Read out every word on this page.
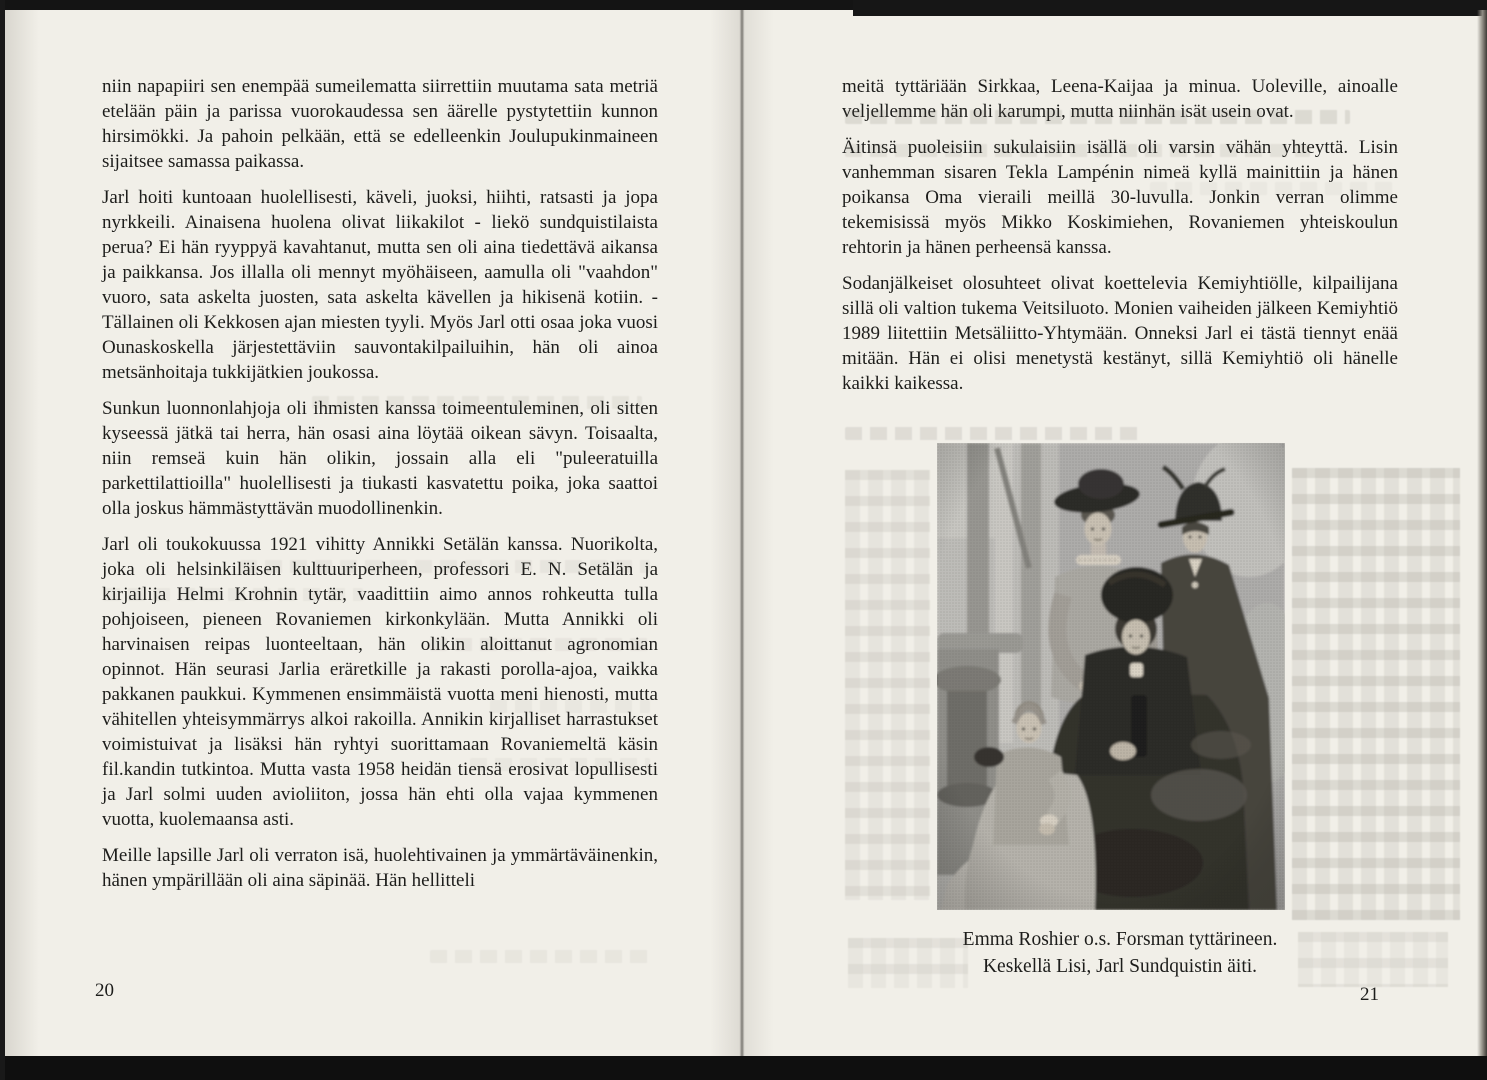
niin napapiiri sen enempää sumeilematta siirrettiin muutama sata metriä etelään päin ja parissa vuorokaudessa sen äärelle pystytettiin kunnon hirsimökki. Ja pahoin pelkään, että se edelleenkin Joulupukinmaineen sijaitsee samassa paikassa.

Jarl hoiti kuntoaan huolellisesti, käveli, juoksi, hiihti, ratsasti ja jopa nyrkkeili. Ainaisena huolena olivat liikakilot - liekö sundquistilaista perua? Ei hän ryyppyä kavahtanut, mutta sen oli aina tiedettävä aikansa ja paikkansa. Jos illalla oli mennyt myöhäiseen, aamulla oli "vaahdon" vuoro, sata askelta juosten, sata askelta kävellen ja hikisenä kotiin. - Tällainen oli Kekkosen ajan miesten tyyli. Myös Jarl otti osaa joka vuosi Ounaskoskella järjestettäviin sauvontakilpailuihin, hän oli ainoa metsänhoitaja tukkijätkien joukossa.

Sunkun luonnonlahjoja oli ihmisten kanssa toimeentuleminen, oli sitten kyseessä jätkä tai herra, hän osasi aina löytää oikean sävyn. Toisaalta, niin remseä kuin hän olikin, jossain alla eli "puleeratuilla parkettilattioilla" huolellisesti ja tiukasti kasvatettu poika, joka saattoi olla joskus hämmästyttävän muodollinenkin.

Jarl oli toukokuussa 1921 vihitty Annikki Setälän kanssa. Nuorikolta, joka oli helsinkiläisen kulttuuriperheen, professori E. N. Setälän ja kirjailija Helmi Krohnin tytär, vaadittiin aimo annos rohkeutta tulla pohjoiseen, pieneen Rovaniemen kirkonkylään. Mutta Annikki oli harvinaisen reipas luonteeltaan, hän olikin aloittanut agronomian opinnot. Hän seurasi Jarlia eräretkille ja rakasti porolla-ajoa, vaikka pakkanen paukkui. Kymmenen ensimmäistä vuotta meni hienosti, mutta vähitellen yhteisymmärrys alkoi rakoilla. Annikin kirjalliset harrastukset voimistuivat ja lisäksi hän ryhtyi suorittamaan Rovaniemeltä käsin fil.kandin tutkintoa. Mutta vasta 1958 heidän tiensä erosivat lopullisesti ja Jarl solmi uuden avioliiton, jossa hän ehti olla vajaa kymmenen vuotta, kuolemaansa asti.

Meille lapsille Jarl oli verraton isä, huolehtivainen ja ymmärtäväinenkin, hänen ympärillään oli aina säpinää. Hän hellitteli

20

meitä tyttäriään Sirkkaa, Leena-Kaijaa ja minua. Uoleville, ainoalle veljellemme hän oli karumpi, mutta niinhän isät usein ovat.

Äitinsä puoleisiin sukulaisiin isällä oli varsin vähän yhteyttä. Lisin vanhemman sisaren Tekla Lampénin nimeä kyllä mainittiin ja hänen poikansa Oma vieraili meillä 30-luvulla. Jonkin verran olimme tekemisissä myös Mikko Koskimiehen, Rovaniemen yhteiskoulun rehtorin ja hänen perheensä kanssa.

Sodanjälkeiset olosuhteet olivat koettelevia Kemiyhtiölle, kilpailijana sillä oli valtion tukema Veitsiluoto. Monien vaiheiden jälkeen Kemiyhtiö 1989 liitettiin Metsäliitto-Yhtymään. Onneksi Jarl ei tästä tiennyt enää mitään. Hän ei olisi menetystä kestänyt, sillä Kemiyhtiö oli hänelle kaikki kaikessa.

Emma Roshier o.s. Forsman tyttärineen.
Keskellä Lisi, Jarl Sundquistin äiti.
21
